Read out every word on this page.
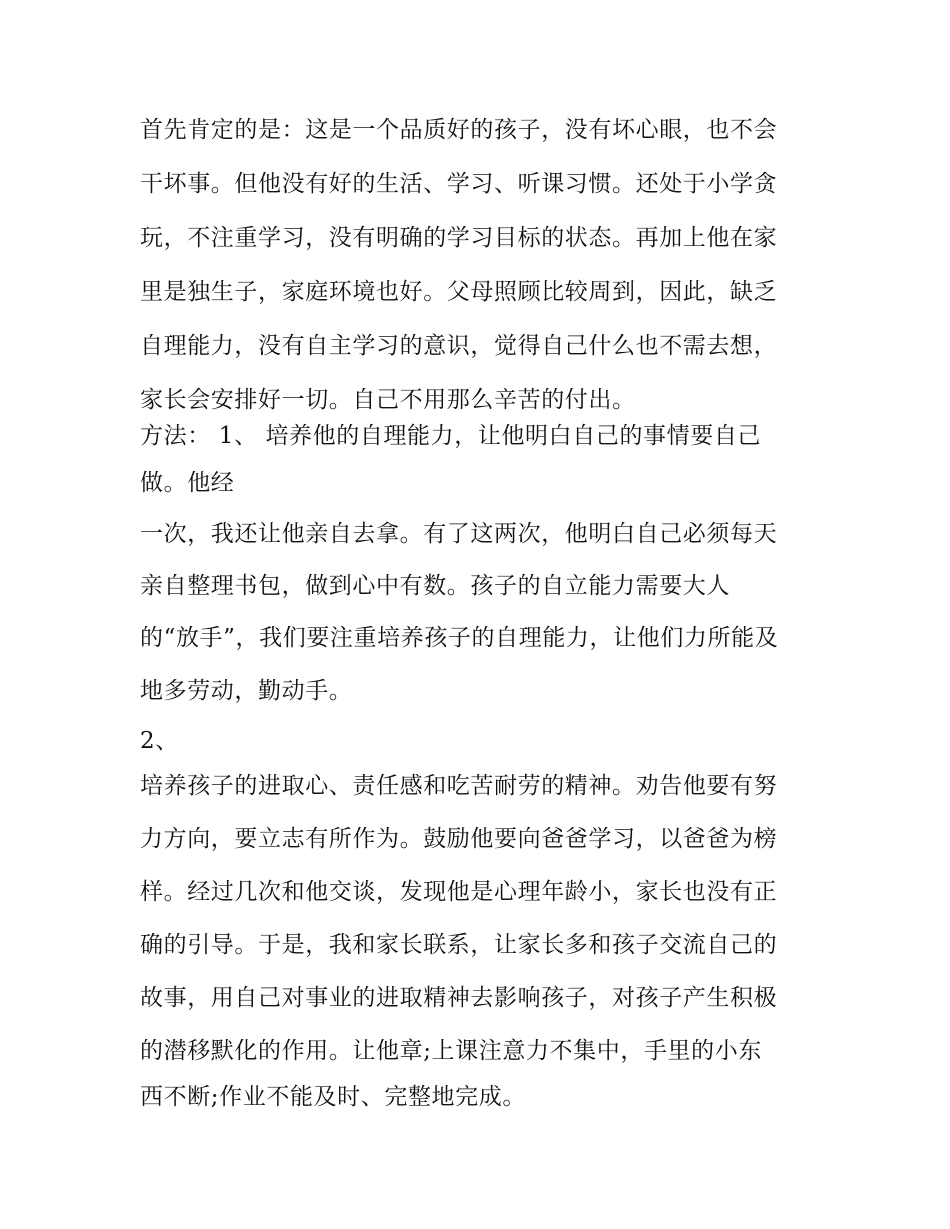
首先肯定的是：这是一个品质好的孩子，没有坏心眼，也不会
干坏事。但他没有好的生活、学习、听课习惯。还处于小学贪
玩，不注重学习，没有明确的学习目标的状态。再加上他在家
里是独生子，家庭环境也好。父母照顾比较周到，因此，缺乏
自理能力，没有自主学习的意识，觉得自己什么也不需去想，
家长会安排好一切。自己不用那么辛苦的付出。
方法： 1、 培养他的自理能力，让他明白自己的事情要自己
做。他经
一次，我还让他亲自去拿。有了这两次，他明白自己必须每天
亲自整理书包，做到心中有数。孩子的自立能力需要大人
的“放手”，我们要注重培养孩子的自理能力，让他们力所能及
地多劳动，勤动手。
2、
培养孩子的进取心、责任感和吃苦耐劳的精神。劝告他要有努
力方向，要立志有所作为。鼓励他要向爸爸学习，以爸爸为榜
样。经过几次和他交谈，发现他是心理年龄小，家长也没有正
确的引导。于是，我和家长联系，让家长多和孩子交流自己的
故事，用自己对事业的进取精神去影响孩子，对孩子产生积极
的潜移默化的作用。让他章;上课注意力不集中，手里的小东
西不断;作业不能及时、完整地完成。
